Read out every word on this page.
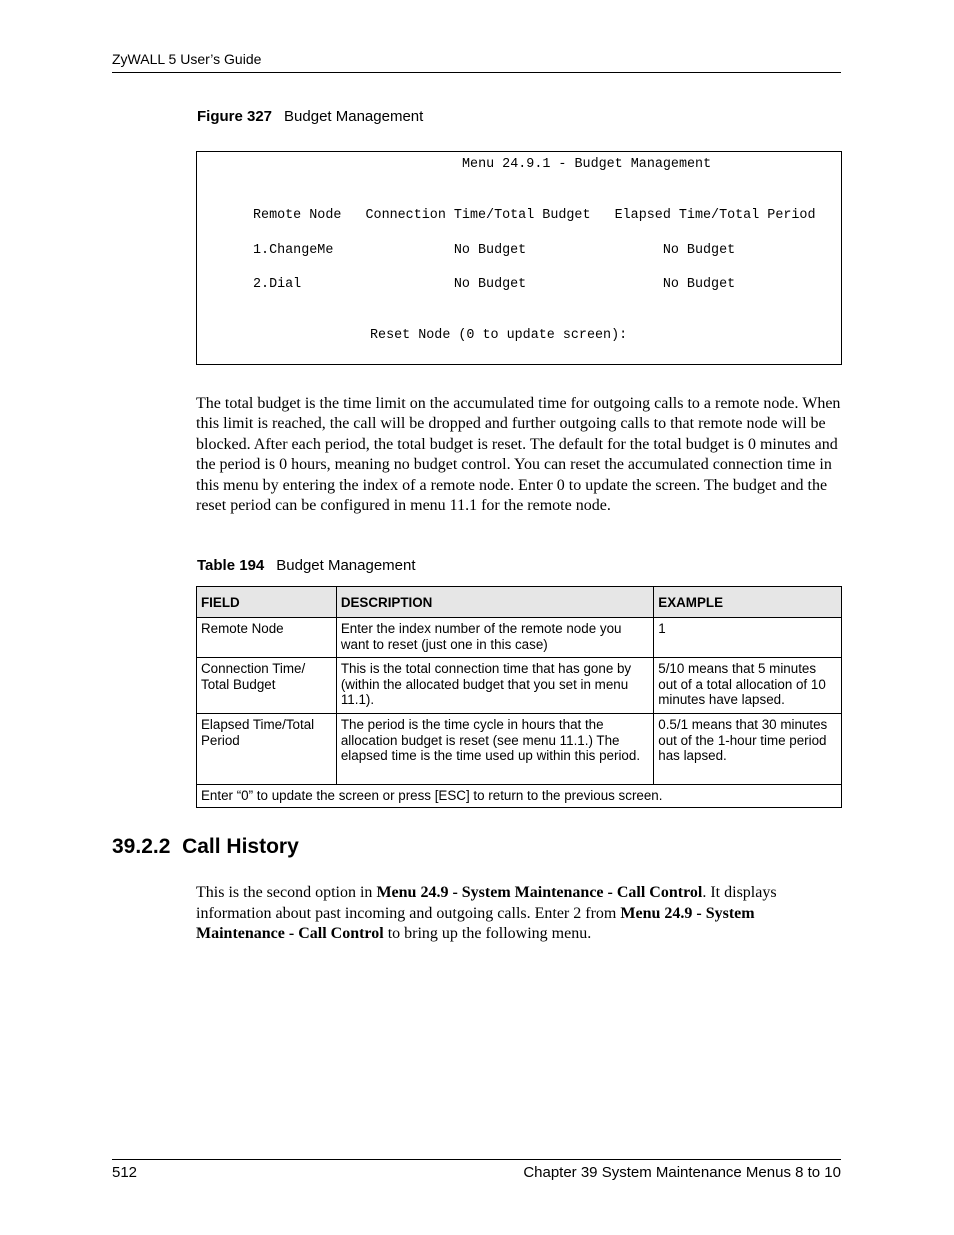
ZyWALL 5 User’s Guide
Figure 327 Budget Management

Menu 24.9.1 - Budget Management

Remote Node   Connection Time/Total Budget   Elapsed Time/Total Period

1.ChangeMe               No Budget                 No Budget

2.Dial                   No Budget                 No Budget

Reset Node (0 to update screen):

The total budget is the time limit on the accumulated time for outgoing calls to a remote node. When this limit is reached, the call will be dropped and further outgoing calls to that remote node will be blocked. After each period, the total budget is reset. The default for the total budget is 0 minutes and the period is 0 hours, meaning no budget control. You can reset the accumulated connection time in this menu by entering the index of a remote node. Enter 0 to update the screen. The budget and the reset period can be configured in menu 11.1 for the remote node.

Table 194 Budget Management
FIELD	DESCRIPTION	EXAMPLE
Remote Node	Enter the index number of the remote node you want to reset (just one in this case)	1
Connection Time/ Total Budget	This is the total connection time that has gone by (within the allocated budget that you set in menu 11.1).	5/10 means that 5 minutes out of a total allocation of 10 minutes have lapsed.
Elapsed Time/Total Period	The period is the time cycle in hours that the allocation budget is reset (see menu 11.1.) The elapsed time is the time used up within this period.	0.5/1 means that 30 minutes out of the 1-hour time period has lapsed.
Enter “0” to update the screen or press [ESC] to return to the previous screen.		
39.2.2 Call History

This is the second option in Menu 24.9 - System Maintenance - Call Control. It displays information about past incoming and outgoing calls. Enter 2 from Menu 24.9 - System Maintenance - Call Control to bring up the following menu.

512	Chapter 39 System Maintenance Menus 8 to 10
